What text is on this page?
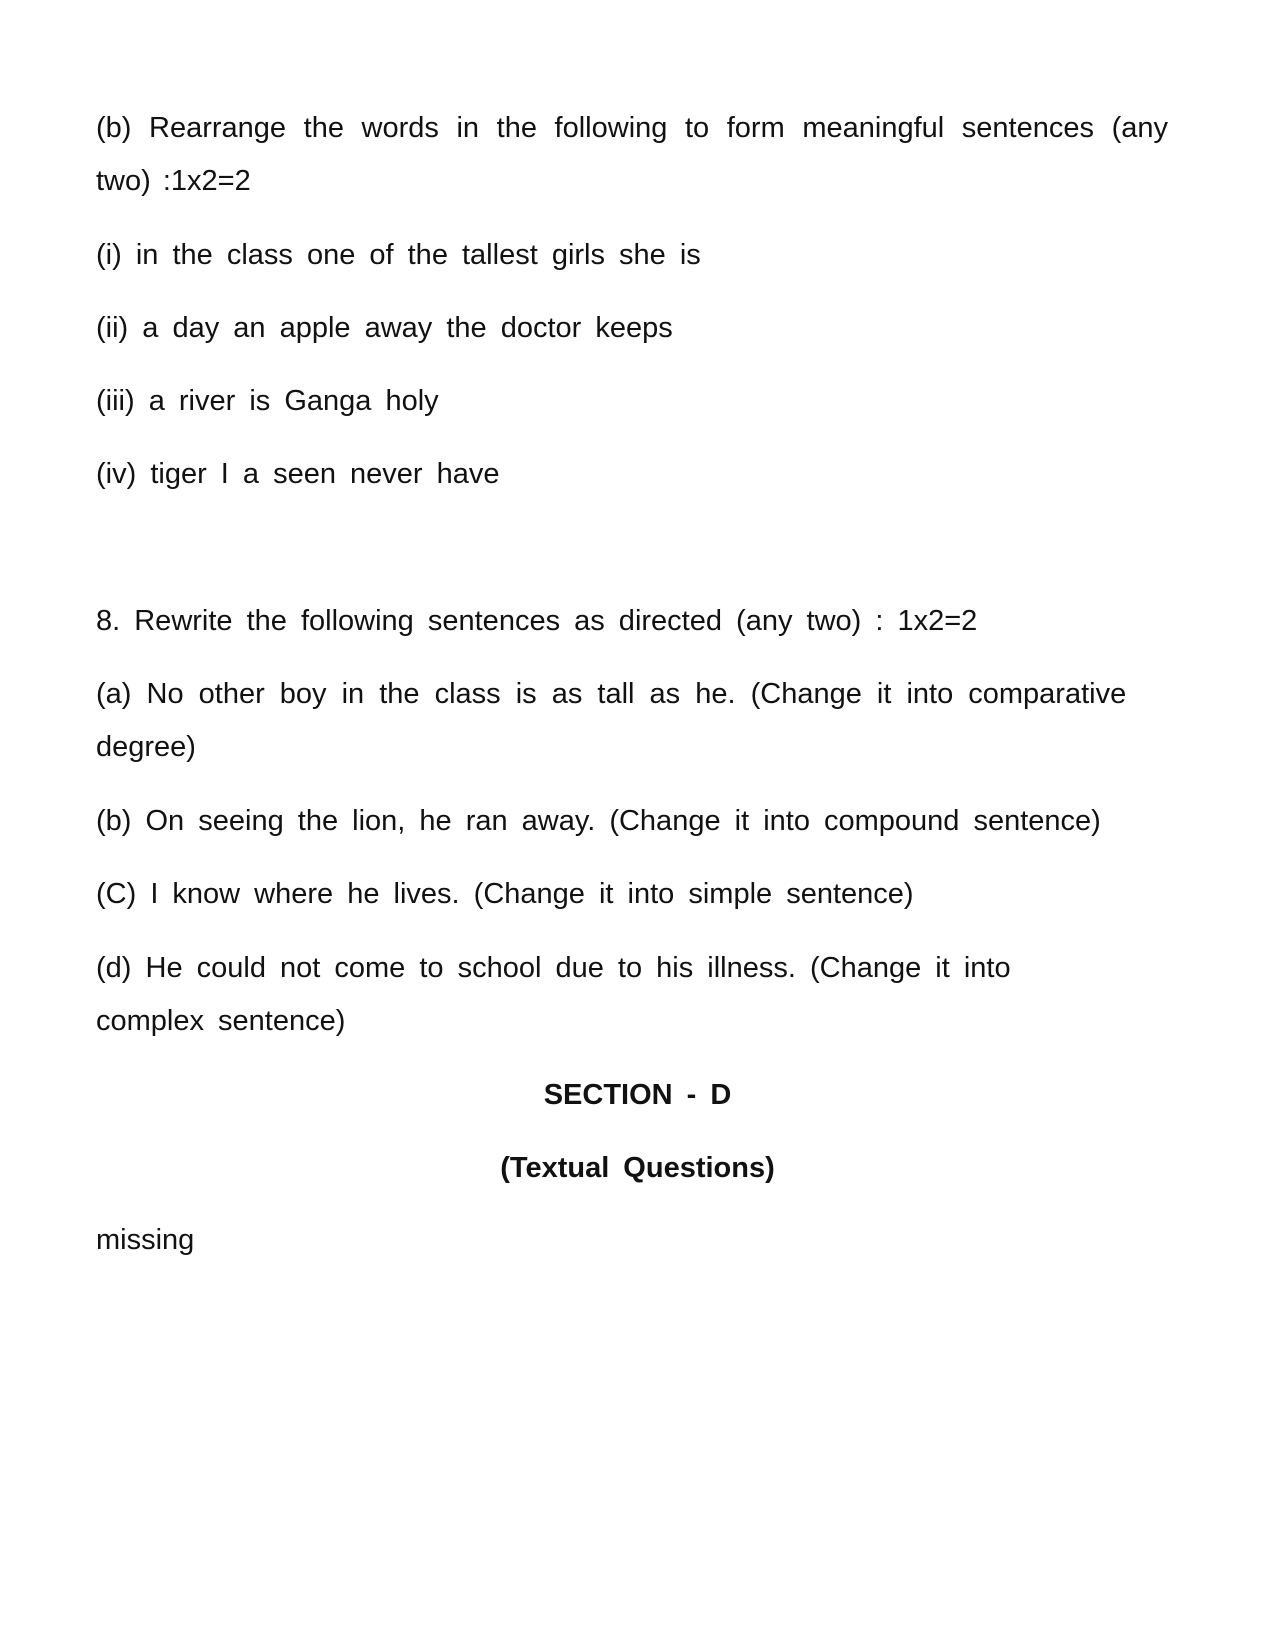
(b) Rearrange the words in the following to form meaningful sentences (any
two) :1x2=2
(i) in the class one of the tallest girls she is
(ii) a day an apple away the doctor keeps
(iii) a river is Ganga holy
(iv) tiger I a seen never have
8. Rewrite the following sentences as directed (any two) : 1x2=2
(a) No other boy in the class is as tall as he. (Change it into comparative
degree)
(b) On seeing the lion, he ran away. (Change it into compound sentence)
(C) I know where he lives. (Change it into simple sentence)
(d) He could not come to school due to his illness. (Change it into
complex sentence)
SECTION - D
(Textual Questions)
missing
